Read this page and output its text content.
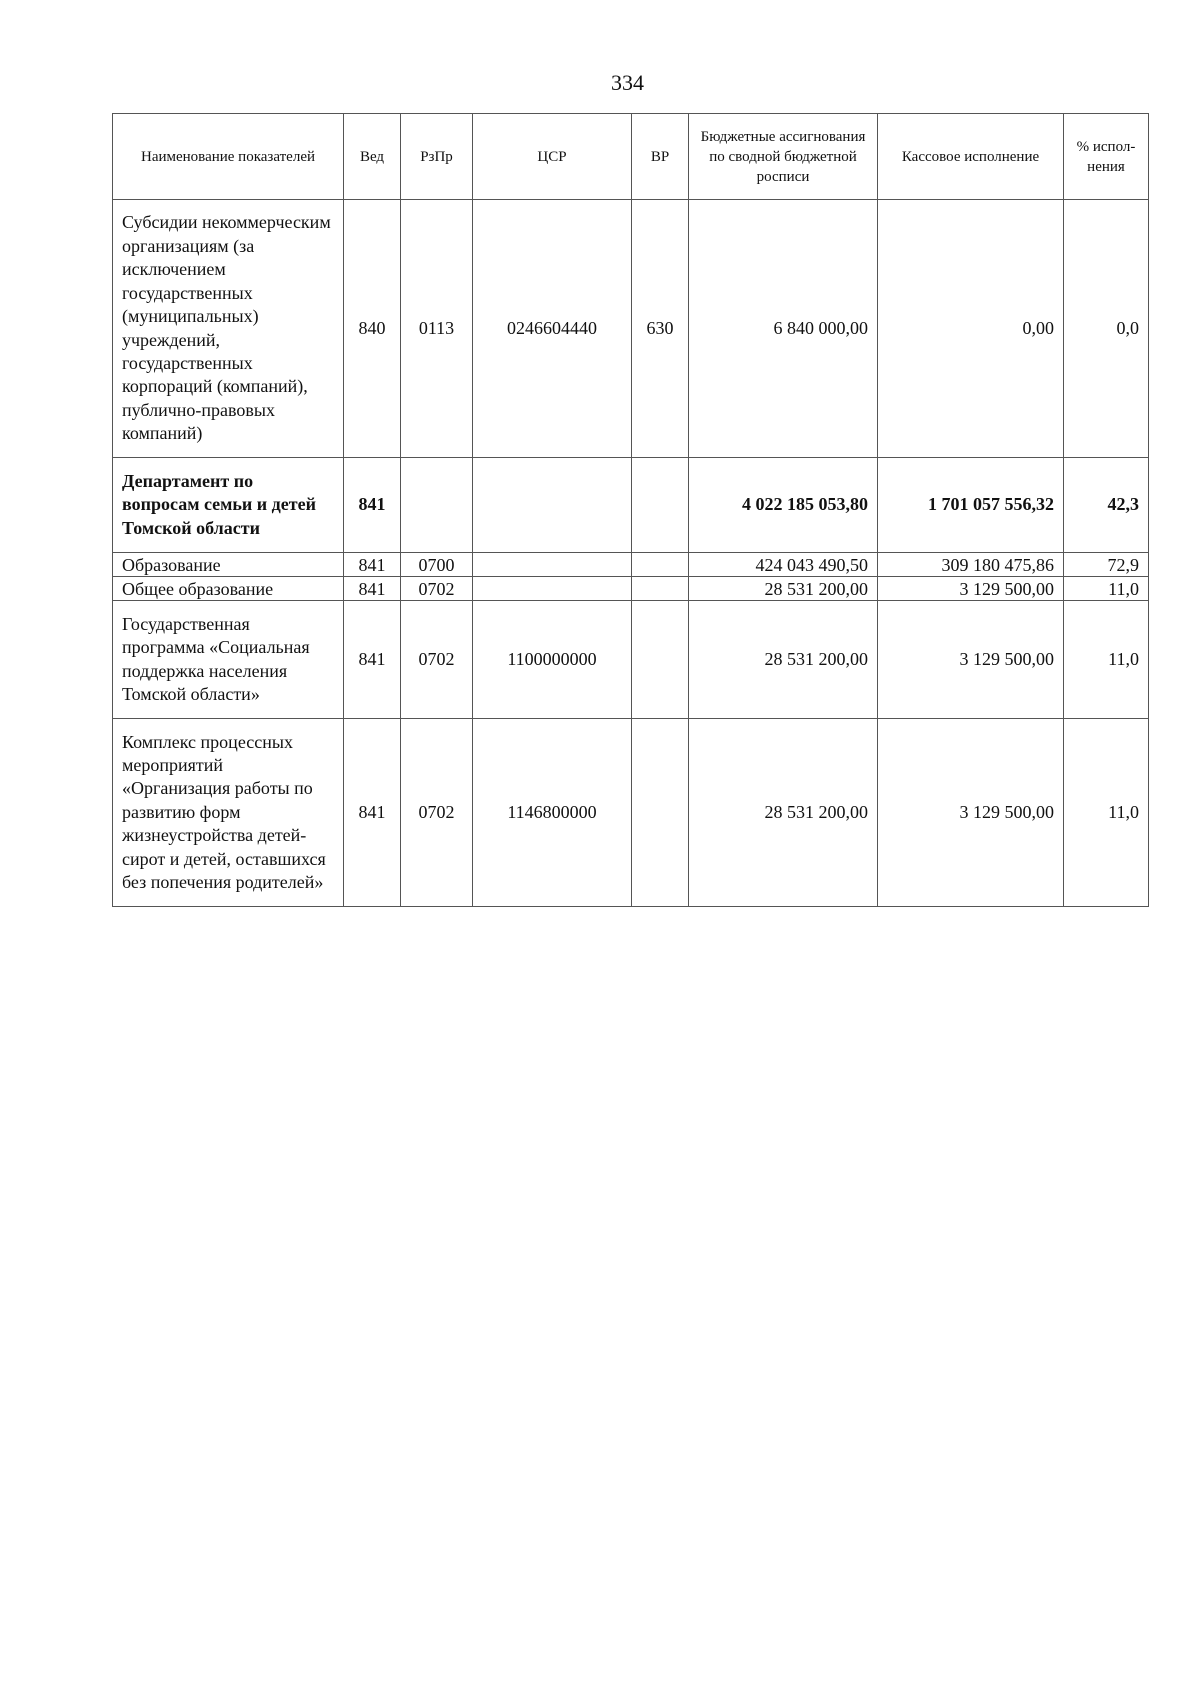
334
Наименование показателей	Вед	РзПр	ЦСР	ВР	Бюджетные ассигнования по сводной бюджетной росписи	Кассовое исполнение	% испол-нения
Субсидии некоммерческим организациям (за исключением государственных (муниципальных) учреждений, государственных корпораций (компаний), публично-правовых компаний)	840	0113	0246604440	630	6 840 000,00	0,00	0,0
Департамент по вопросам семьи и детей Томской области	841				4 022 185 053,80	1 701 057 556,32	42,3
Образование	841	0700			424 043 490,50	309 180 475,86	72,9
Общее образование	841	0702			28 531 200,00	3 129 500,00	11,0
Государственная программа «Социальная поддержка населения Томской области»	841	0702	1100000000		28 531 200,00	3 129 500,00	11,0
Комплекс процессных мероприятий «Организация работы по развитию форм жизнеустройства детей-сирот и детей, оставшихся без попечения родителей»	841	0702	1146800000		28 531 200,00	3 129 500,00	11,0
